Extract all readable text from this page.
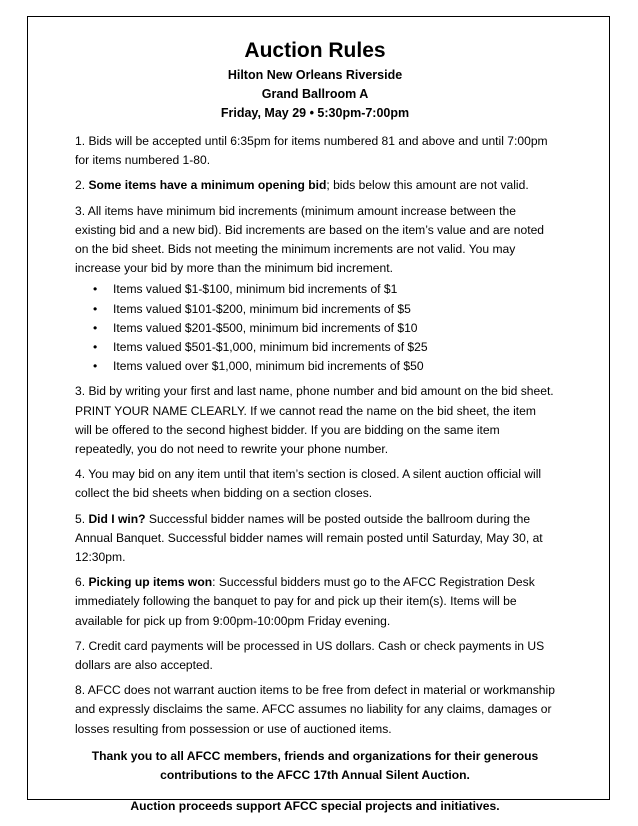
Auction Rules
Hilton New Orleans Riverside
Grand Ballroom A
Friday, May 29 • 5:30pm-7:00pm
1. Bids will be accepted until 6:35pm for items numbered 81 and above and until 7:00pm for items numbered 1-80.
2. Some items have a minimum opening bid; bids below this amount are not valid.
3. All items have minimum bid increments (minimum amount increase between the existing bid and a new bid). Bid increments are based on the item’s value and are noted on the bid sheet. Bids not meeting the minimum increments are not valid. You may increase your bid by more than the minimum bid increment.
• Items valued $1-$100, minimum bid increments of $1
• Items valued $101-$200, minimum bid increments of $5
• Items valued $201-$500, minimum bid increments of $10
• Items valued $501-$1,000, minimum bid increments of $25
• Items valued over $1,000, minimum bid increments of $50
3. Bid by writing your first and last name, phone number and bid amount on the bid sheet. PRINT YOUR NAME CLEARLY. If we cannot read the name on the bid sheet, the item will be offered to the second highest bidder. If you are bidding on the same item repeatedly, you do not need to rewrite your phone number.
4. You may bid on any item until that item’s section is closed. A silent auction official will collect the bid sheets when bidding on a section closes.
5. Did I win? Successful bidder names will be posted outside the ballroom during the Annual Banquet. Successful bidder names will remain posted until Saturday, May 30, at 12:30pm.
6. Picking up items won: Successful bidders must go to the AFCC Registration Desk immediately following the banquet to pay for and pick up their item(s). Items will be available for pick up from 9:00pm-10:00pm Friday evening.
7. Credit card payments will be processed in US dollars. Cash or check payments in US dollars are also accepted.
8. AFCC does not warrant auction items to be free from defect in material or workmanship and expressly disclaims the same. AFCC assumes no liability for any claims, damages or losses resulting from possession or use of auctioned items.
Thank you to all AFCC members, friends and organizations for their generous contributions to the AFCC 17th Annual Silent Auction.
Auction proceeds support AFCC special projects and initiatives.
